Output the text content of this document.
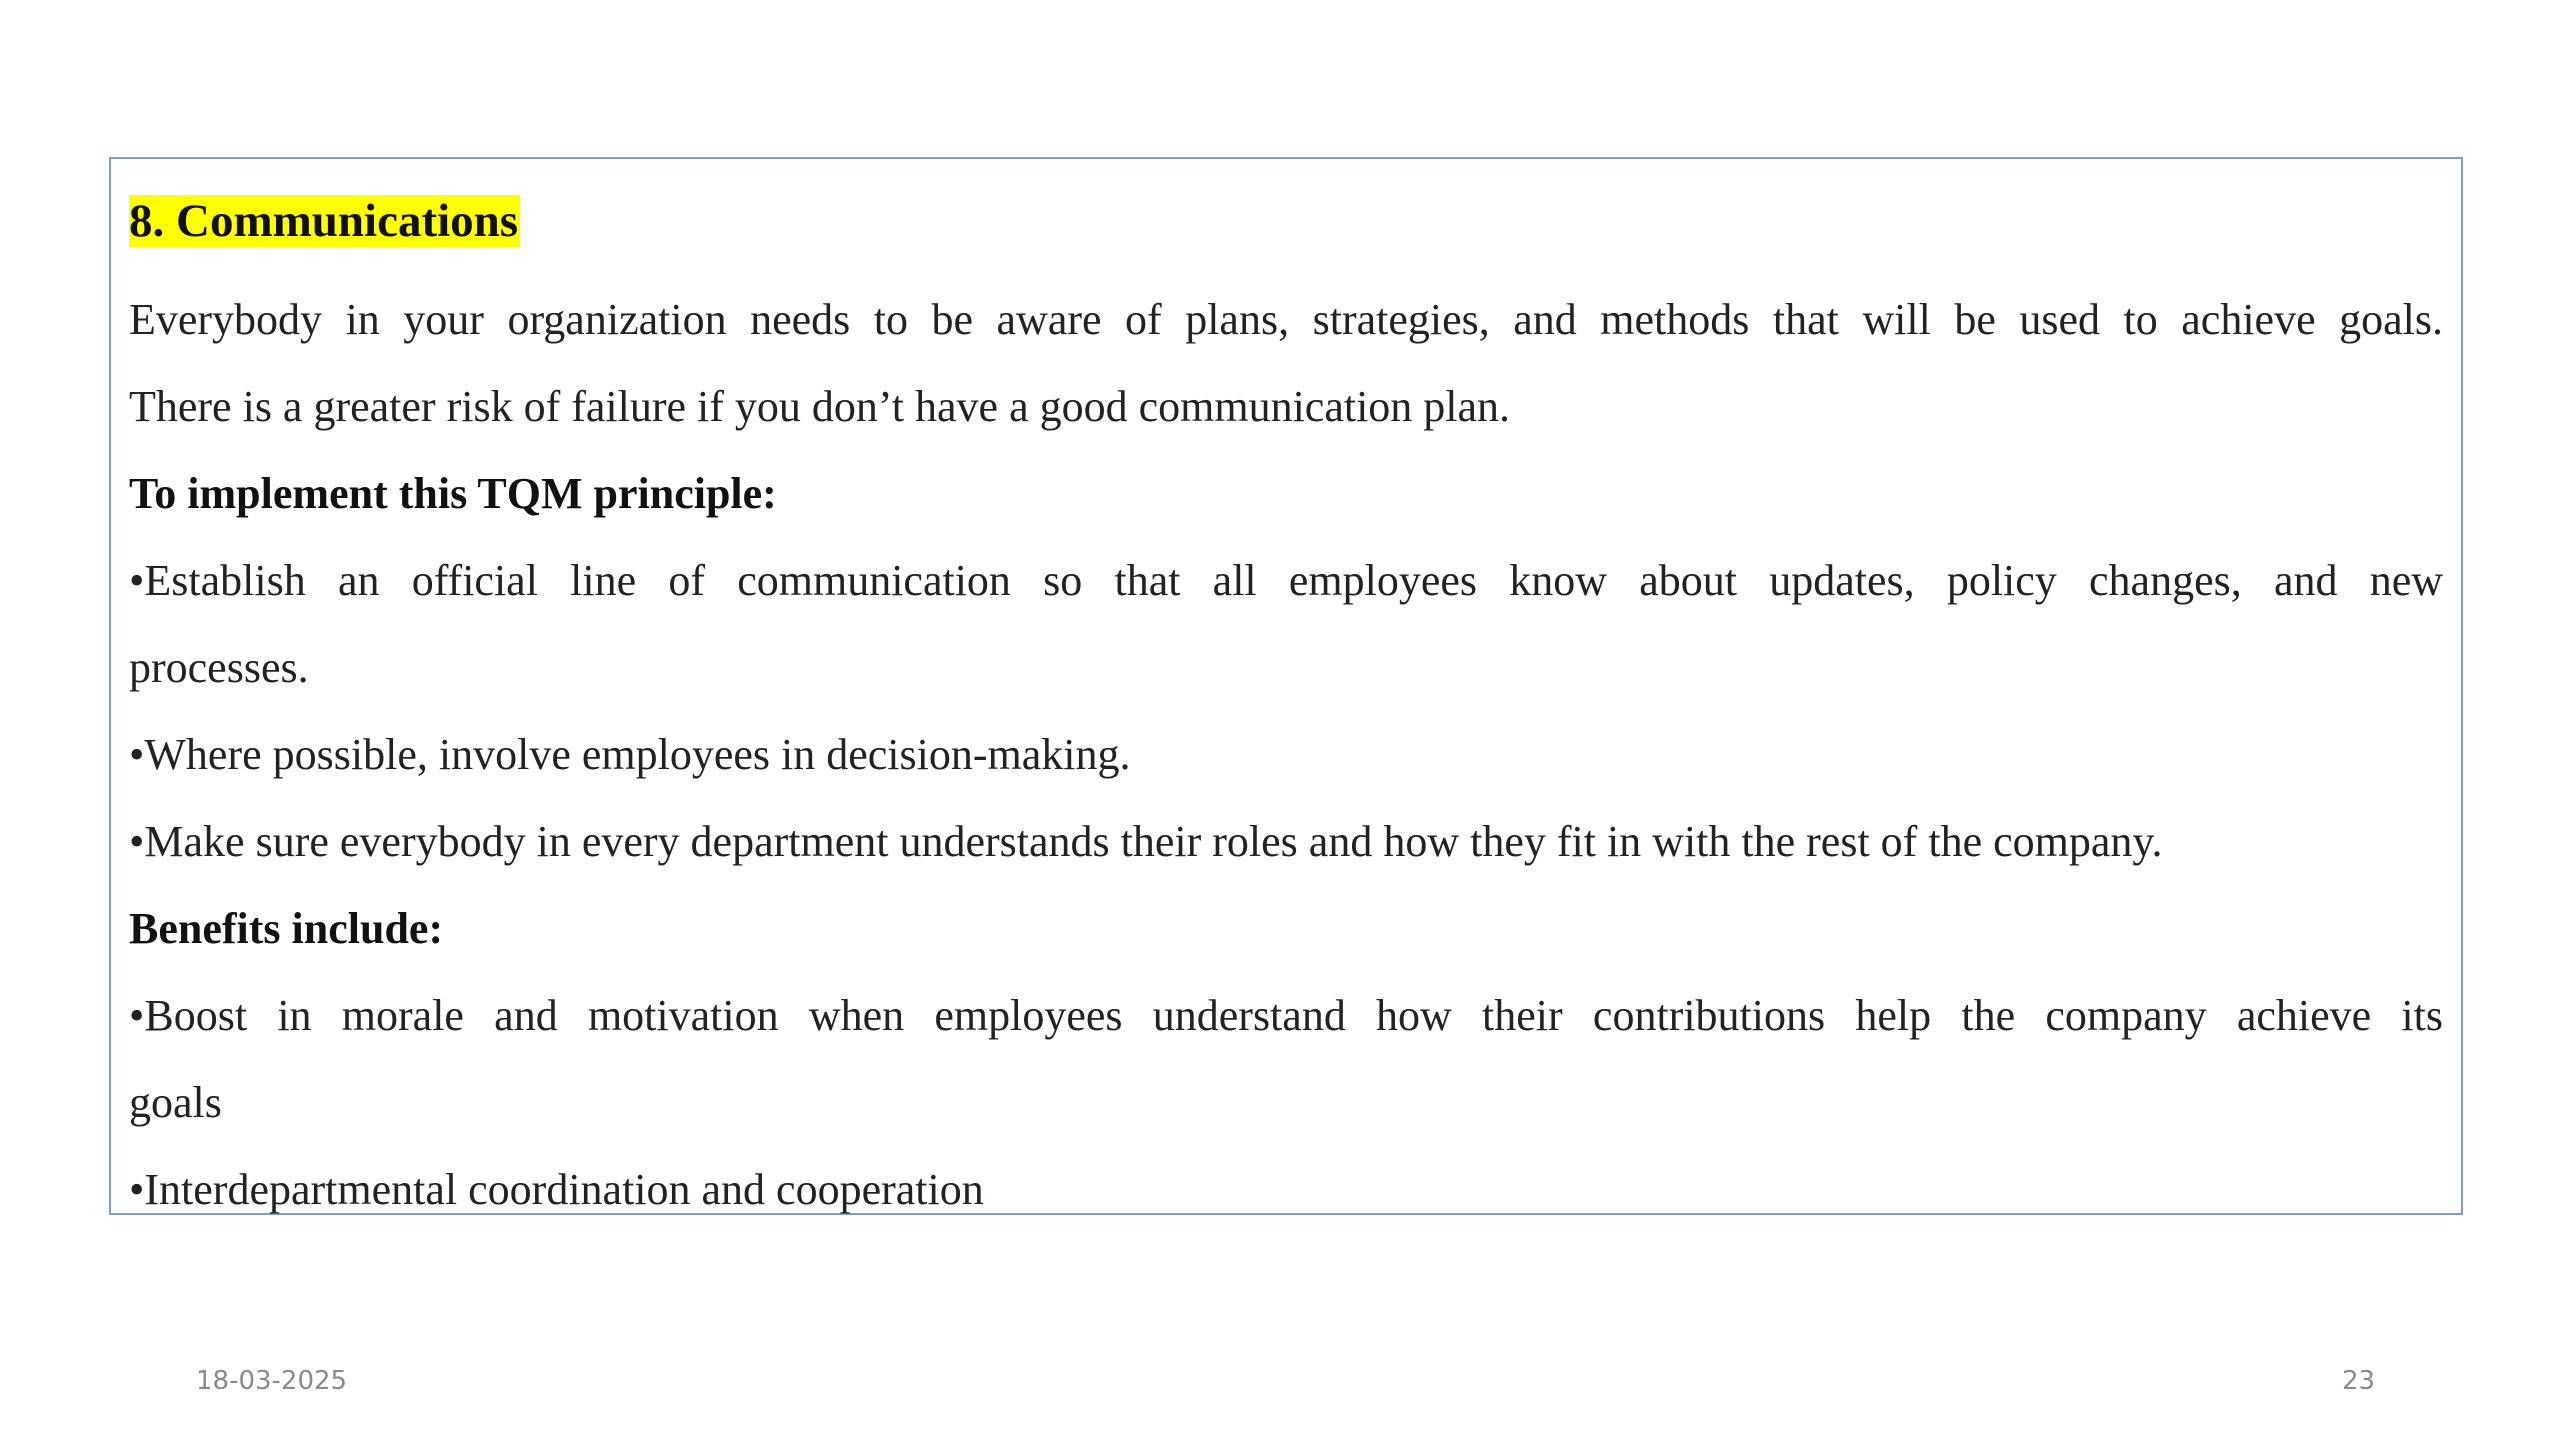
8. Communications

Everybody in your organization needs to be aware of plans, strategies, and methods that will be used to achieve goals.

There is a greater risk of failure if you don’t have a good communication plan.

To implement this TQM principle:

•Establish an official line of communication so that all employees know about updates, policy changes, and new

processes.

•Where possible, involve employees in decision-making.

•Make sure everybody in every department understands their roles and how they fit in with the rest of the company.

Benefits include:

•Boost in morale and motivation when employees understand how their contributions help the company achieve its

goals

•Interdepartmental coordination and cooperation

18-03-2025	23
